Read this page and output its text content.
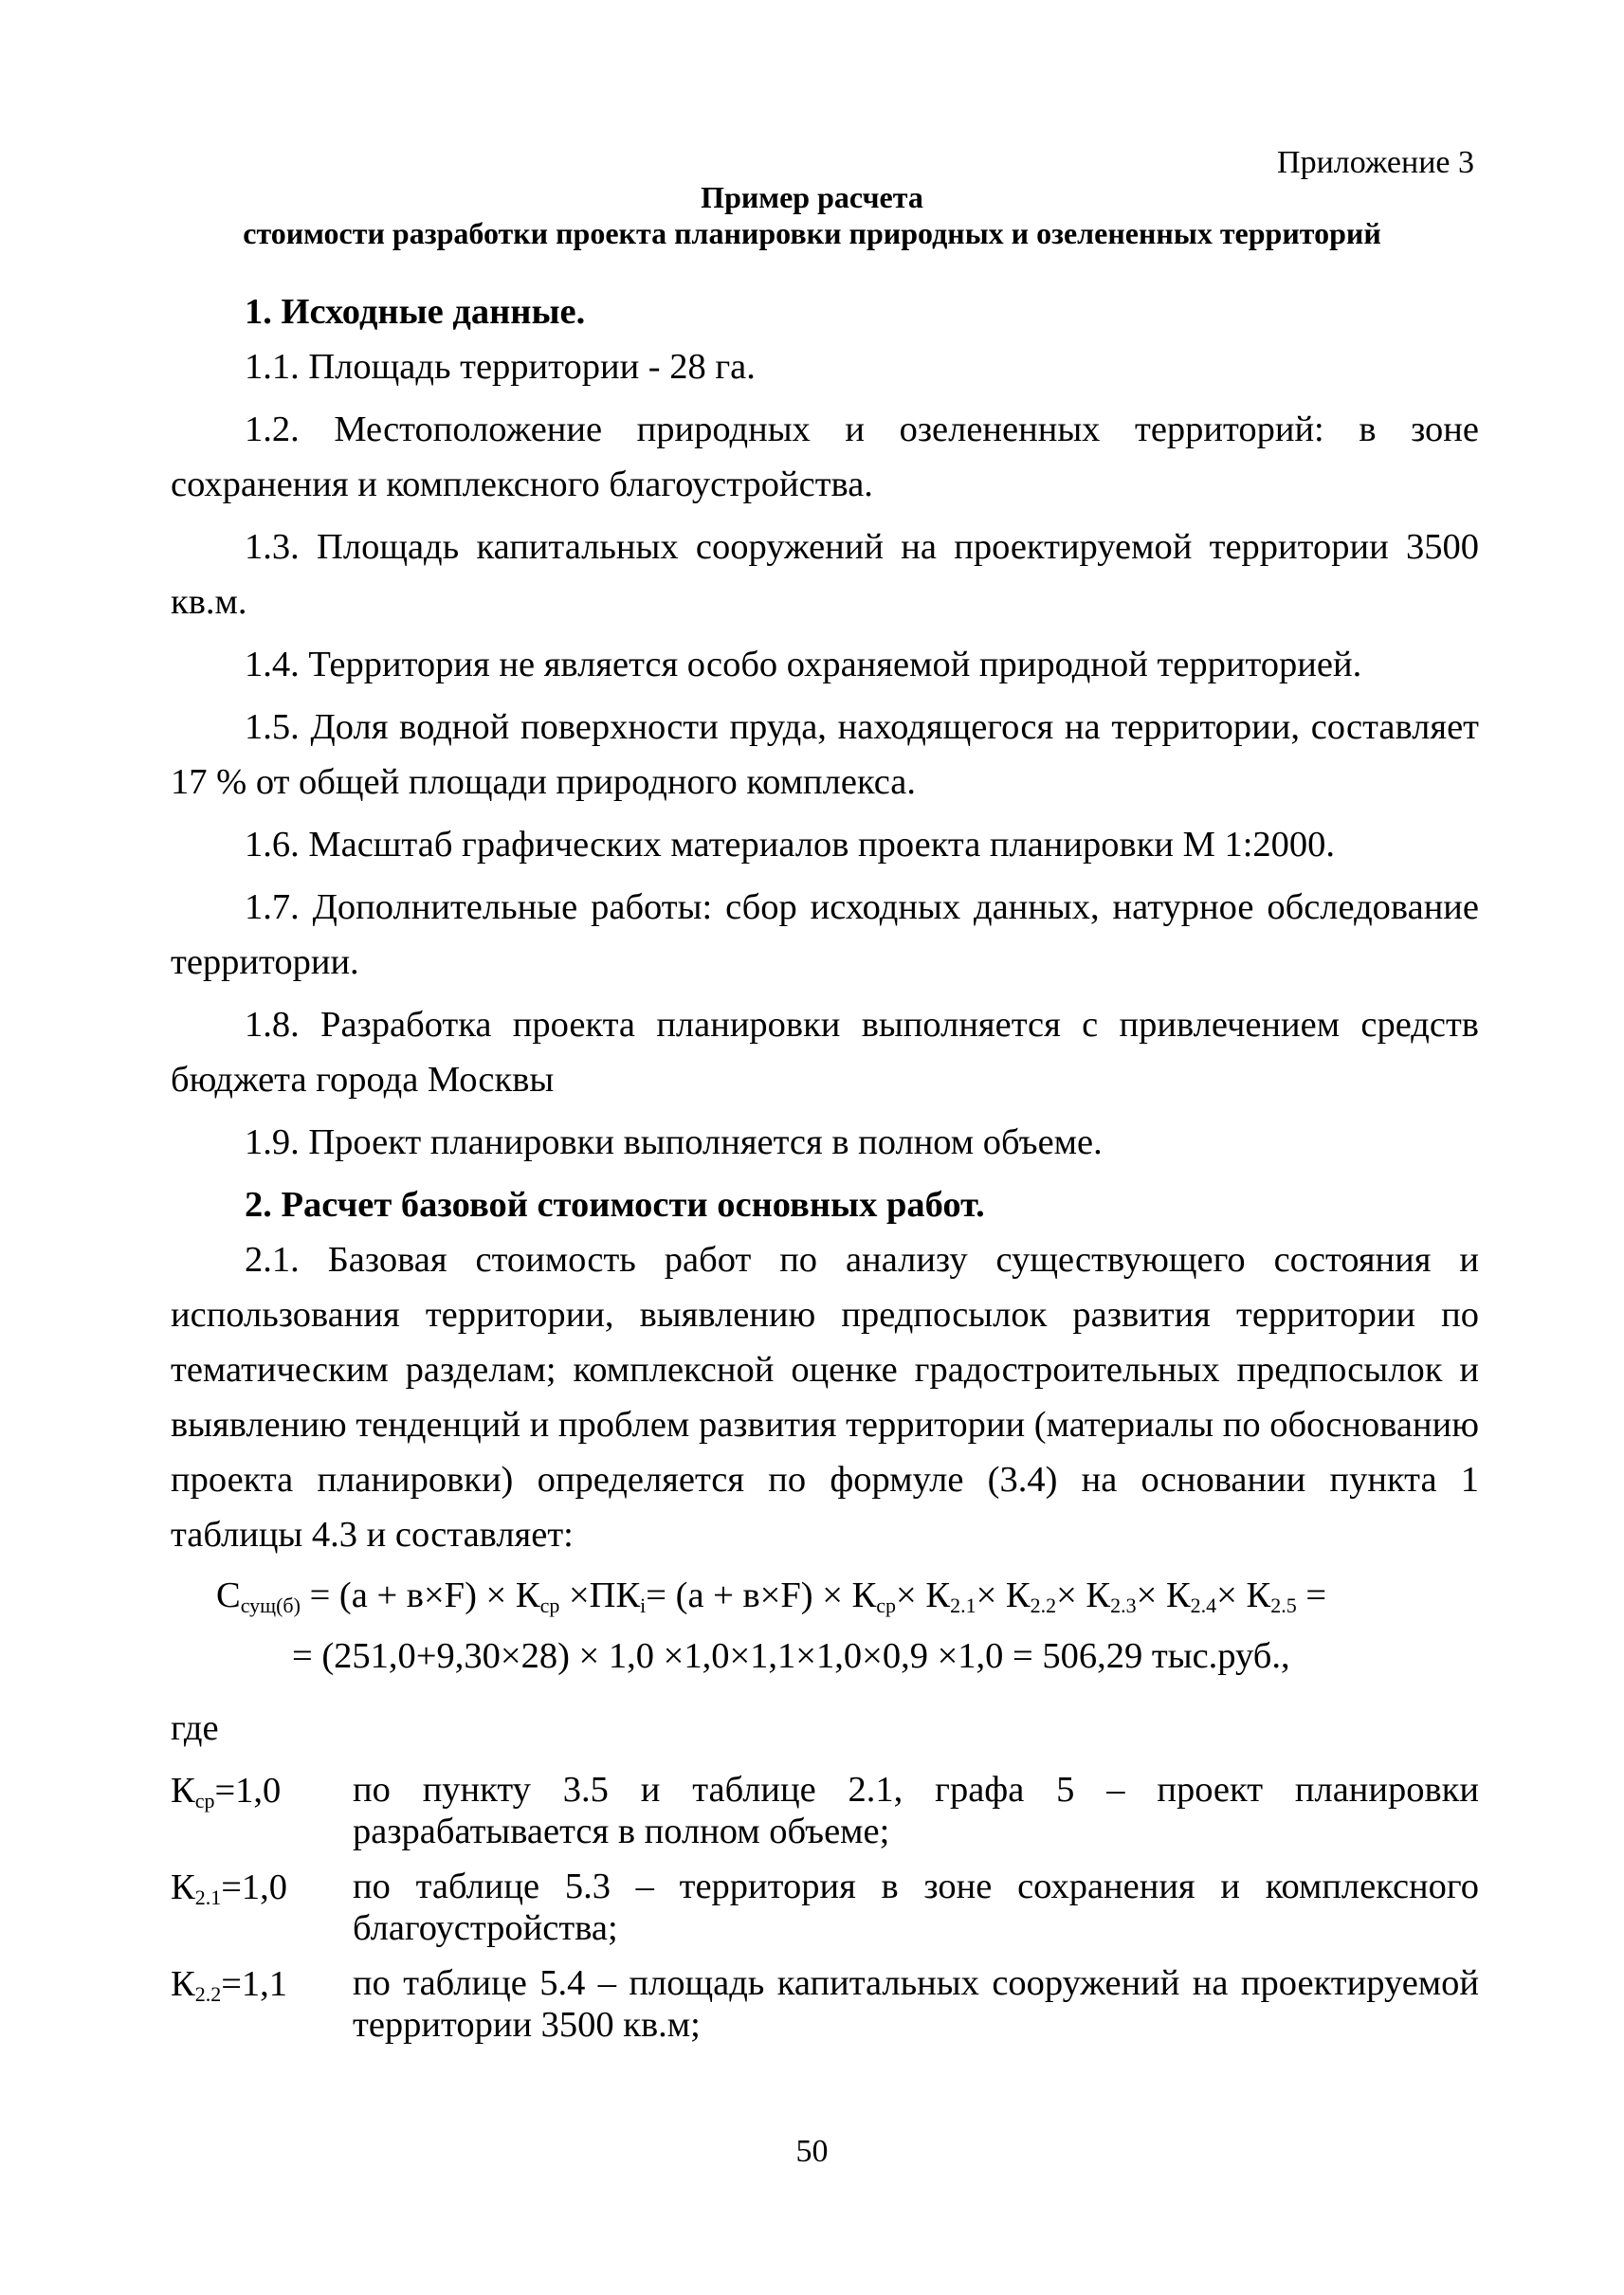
Приложение 3
Пример расчета
стоимости разработки проекта планировки природных и озелененных территорий
1. Исходные данные.

1.1. Площадь территории - 28 га.

1.2. Местоположение природных и озелененных территорий: в зоне сохранения и комплексного благоустройства.

1.3. Площадь капитальных сооружений на проектируемой территории 3500 кв.м.

1.4. Территория не является особо охраняемой природной территорией.

1.5. Доля водной поверхности пруда, находящегося на территории, составляет 17 % от общей площади природного комплекса.

1.6. Масштаб графических материалов проекта планировки М 1:2000.

1.7. Дополнительные работы: сбор исходных данных, натурное обследование территории.

1.8. Разработка проекта планировки выполняется с привлечением средств бюджета города Москвы

1.9. Проект планировки выполняется в полном объеме.

2. Расчет базовой стоимости основных работ.

2.1. Базовая стоимость работ по анализу существующего состояния и использования территории, выявлению предпосылок развития территории по тематическим разделам; комплексной оценке градостроительных предпосылок и выявлению тенденций и проблем развития территории (материалы по обоснованию проекта планировки) определяется по формуле (3.4) на основании пункта 1 таблицы 4.3 и составляет:

$С_{сущ(б)} = (а + в\times F) \times К_{ср} \times ПК_i= (а + в\times F) \times К_{ср}\times К_{2.1}\times К_{2.2}\times К_{2.3}\times К_{2.4}\times К_{2.5}$ =

= (251,0+9,30×28) × 1,0 ×1,0×1,1×1,0×0,9 ×1,0 = 506,29 тыс.руб.,

где

$К_{ср}=1,0$	по пункту 3.5 и таблице 2.1, графа 5 – проект планировки разрабатывается в полном объеме;
$К_{2.1}=1,0$	по таблице 5.3 – территория в зоне сохранения и комплексного благоустройства;
$К_{2.2}=1,1$	по таблице 5.4 – площадь капитальных сооружений на проектируемой территории 3500 кв.м;
50
